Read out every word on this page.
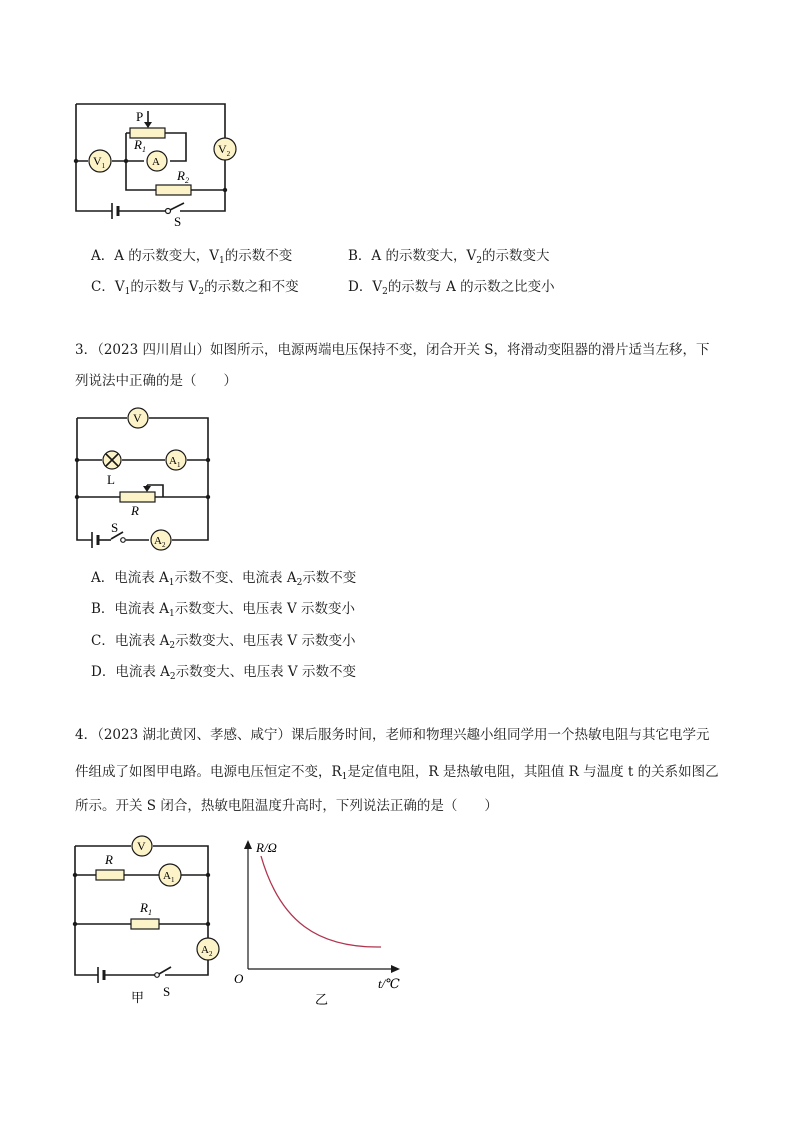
P
$R_1$
$R_2$
A
$V_1$
$V_2$
S
A．A 的示数变大，$V_1$的示数不变	B．A 的示数变大，$V_2$的示数变大
C．$V_1$的示数与 $V_2$的示数之和不变	D．$V_2$的示数与 A 的示数之比变小
3．（2023 四川眉山）如图所示，电源两端电压保持不变，闭合开关 S，将滑动变阻器的滑片适当左移，下
列说法中正确的是（　　）
V
L
$A_1$
R
S
$A_2$
A．电流表 $A_1$示数不变、电流表 $A_2$示数不变
B．电流表 $A_1$示数变大、电压表 V 示数变小
C．电流表 $A_2$示数变大、电压表 V 示数变小
D．电流表 $A_2$示数变大、电压表 V 示数不变
4．（2023 湖北黄冈、孝感、咸宁）课后服务时间，老师和物理兴趣小组同学用一个热敏电阻与其它电学元
件组成了如图甲电路。电源电压恒定不变，$R_1$是定值电阻，R 是热敏电阻，其阻值 R 与温度 t 的关系如图乙
所示。开关 S 闭合，热敏电阻温度升高时，下列说法正确的是（　　）
V
R
$A_1$
$R_1$
$A_2$
S
甲
R/Ω
O	t/℃
乙
